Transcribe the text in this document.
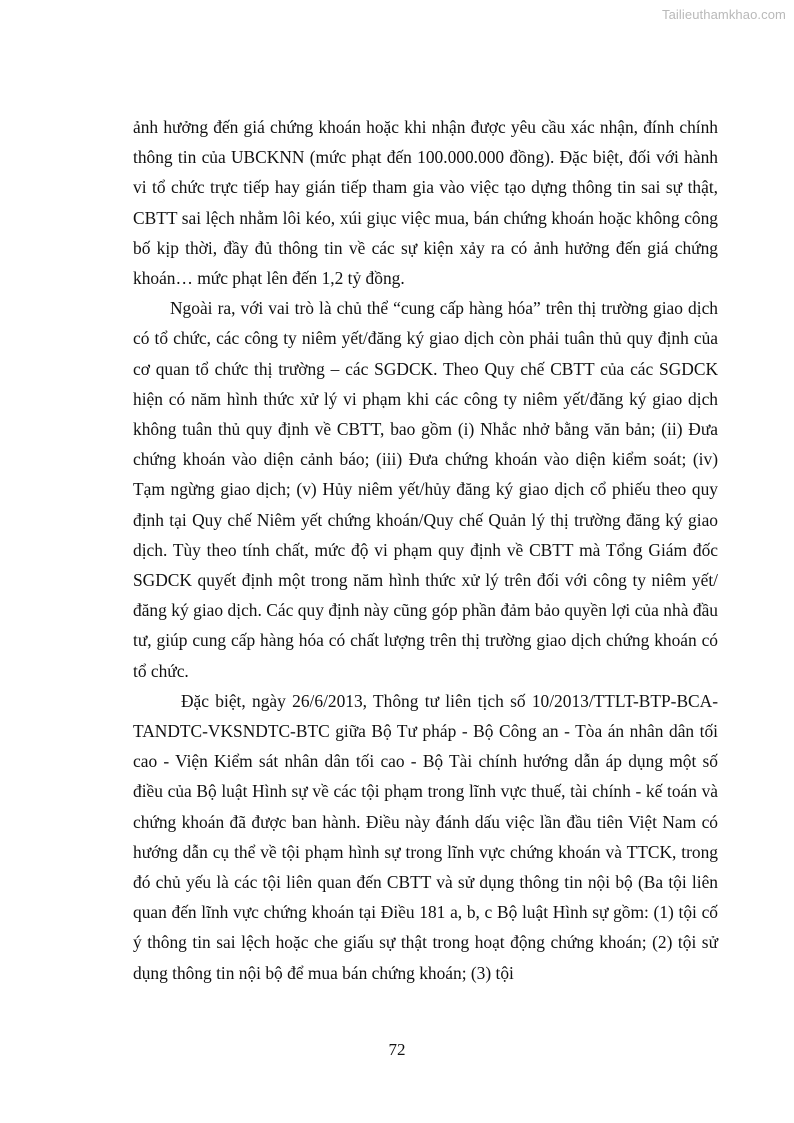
Tailieuthamkhao.com

ảnh hưởng đến giá chứng khoán hoặc khi nhận được yêu cầu xác nhận, đính chính thông tin của UBCKNN (mức phạt đến 100.000.000 đồng). Đặc biệt, đối với hành vi tổ chức trực tiếp hay gián tiếp tham gia vào việc tạo dựng thông tin sai sự thật, CBTT sai lệch nhằm lôi kéo, xúi giục việc mua, bán chứng khoán hoặc không công bố kịp thời, đầy đủ thông tin về các sự kiện xảy ra có ảnh hưởng đến giá chứng khoán… mức phạt lên đến 1,2 tỷ đồng.

Ngoài ra, với vai trò là chủ thể “cung cấp hàng hóa” trên thị trường giao dịch có tổ chức, các công ty niêm yết/đăng ký giao dịch còn phải tuân thủ quy định của cơ quan tổ chức thị trường – các SGDCK. Theo Quy chế CBTT của các SGDCK hiện có năm hình thức xử lý vi phạm khi các công ty niêm yết/đăng ký giao dịch không tuân thủ quy định về CBTT, bao gồm (i) Nhắc nhở bằng văn bản; (ii) Đưa chứng khoán vào diện cảnh báo; (iii) Đưa chứng khoán vào diện kiểm soát; (iv) Tạm ngừng giao dịch; (v) Hủy niêm yết/hủy đăng ký giao dịch cổ phiếu theo quy định tại Quy chế Niêm yết chứng khoán/Quy chế Quản lý thị trường đăng ký giao dịch. Tùy theo tính chất, mức độ vi phạm quy định về CBTT mà Tổng Giám đốc SGDCK quyết định một trong năm hình thức xử lý trên đối với công ty niêm yết/đăng ký giao dịch. Các quy định này cũng góp phần đảm bảo quyền lợi của nhà đầu tư, giúp cung cấp hàng hóa có chất lượng trên thị trường giao dịch chứng khoán có tổ chức.

Đặc biệt, ngày 26/6/2013, Thông tư liên tịch số 10/2013/TTLT-BTP-BCA-TANDTC-VKSNDTC-BTC giữa Bộ Tư pháp - Bộ Công an - Tòa án nhân dân tối cao - Viện Kiểm sát nhân dân tối cao - Bộ Tài chính hướng dẫn áp dụng một số điều của Bộ luật Hình sự về các tội phạm trong lĩnh vực thuế, tài chính - kế toán và chứng khoán đã được ban hành. Điều này đánh dấu việc lần đầu tiên Việt Nam có hướng dẫn cụ thể về tội phạm hình sự trong lĩnh vực chứng khoán và TTCK, trong đó chủ yếu là các tội liên quan đến CBTT và sử dụng thông tin nội bộ (Ba tội liên quan đến lĩnh vực chứng khoán tại Điều 181 a, b, c Bộ luật Hình sự gồm: (1) tội cố ý thông tin sai lệch hoặc che giấu sự thật trong hoạt động chứng khoán; (2) tội sử dụng thông tin nội bộ để mua bán chứng khoán; (3) tội

72
